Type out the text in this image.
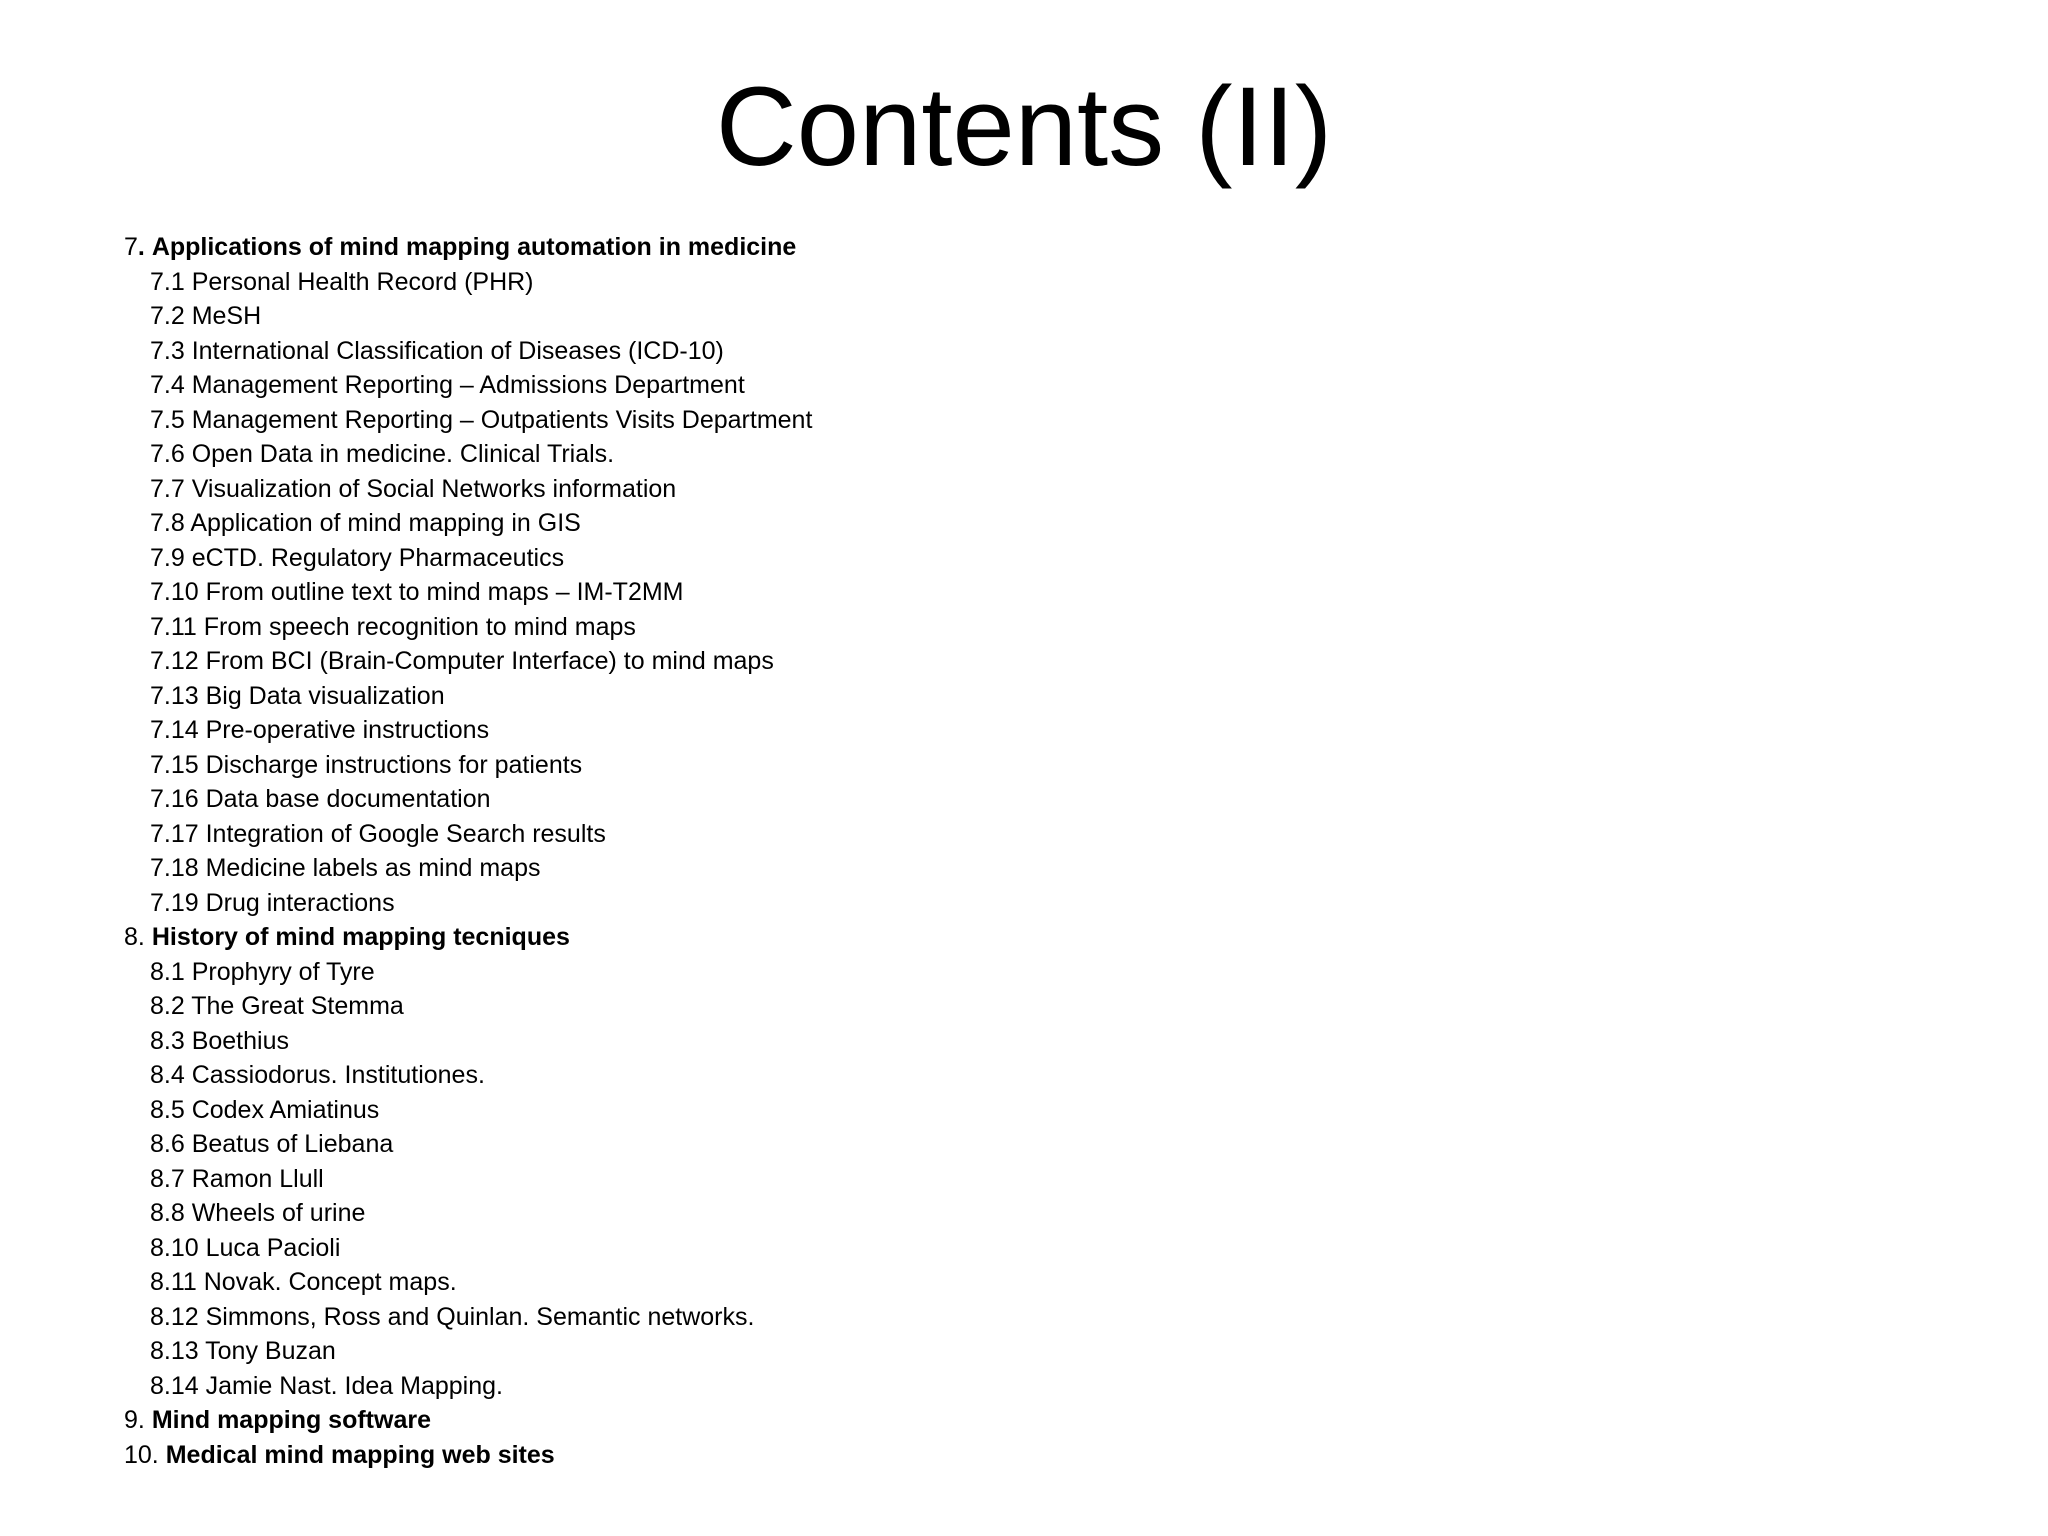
Contents (II)
7. Applications of mind mapping automation in medicine
7.1 Personal Health Record (PHR)
7.2 MeSH
7.3 International Classification of Diseases (ICD-10)
7.4 Management Reporting – Admissions Department
7.5 Management Reporting – Outpatients Visits Department
7.6 Open Data in medicine. Clinical Trials.
7.7 Visualization of Social Networks information
7.8 Application of mind mapping in GIS
7.9 eCTD. Regulatory Pharmaceutics
7.10 From outline text to mind maps – IM-T2MM
7.11 From speech recognition to mind maps
7.12 From BCI (Brain-Computer Interface) to mind maps
7.13 Big Data visualization
7.14 Pre-operative instructions
7.15 Discharge instructions for patients
7.16 Data base documentation
7.17 Integration of Google Search results
7.18 Medicine labels as mind maps
7.19 Drug interactions
8. History of mind mapping tecniques
8.1 Prophyry of Tyre
8.2 The Great Stemma
8.3 Boethius
8.4 Cassiodorus. Institutiones.
8.5 Codex Amiatinus
8.6 Beatus of Liebana
8.7 Ramon Llull
8.8 Wheels of urine
8.10 Luca Pacioli
8.11 Novak. Concept maps.
8.12 Simmons, Ross and Quinlan. Semantic networks.
8.13 Tony Buzan
8.14 Jamie Nast. Idea Mapping.
9. Mind mapping software
10. Medical mind mapping web sites
